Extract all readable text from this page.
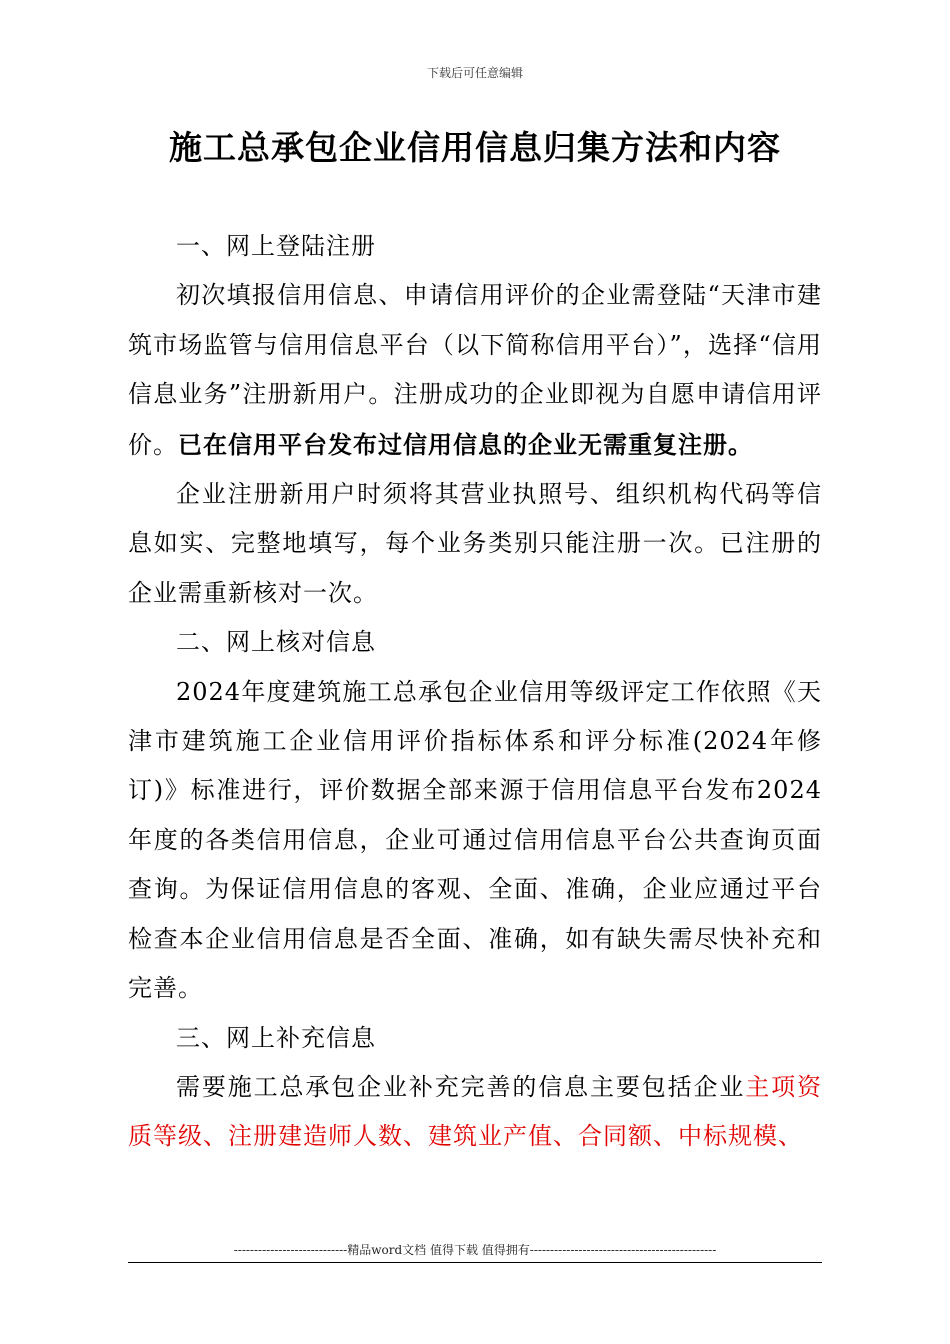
下载后可任意编辑
施工总承包企业信用信息归集方法和内容

一、网上登陆注册

初次填报信用信息、申请信用评价的企业需登陆“天津市建筑市场监管与信用信息平台（以下简称信用平台）”，选择“信用信息业务”注册新用户。注册成功的企业即视为自愿申请信用评价。已在信用平台发布过信用信息的企业无需重复注册。

企业注册新用户时须将其营业执照号、组织机构代码等信息如实、完整地填写，每个业务类别只能注册一次。已注册的企业需重新核对一次。

二、网上核对信息

2024年度建筑施工总承包企业信用等级评定工作依照《天津市建筑施工企业信用评价指标体系和评分标准(2024年修订)》标准进行，评价数据全部来源于信用信息平台发布2024年度的各类信用信息，企业可通过信用信息平台公共查询页面查询。为保证信用信息的客观、全面、准确，企业应通过平台检查本企业信用信息是否全面、准确，如有缺失需尽快补充和完善。

三、网上补充信息

需要施工总承包企业补充完善的信息主要包括企业主项资质等级、注册建造师人数、建筑业产值、合同额、中标规模、

----------------------------精品word文档 值得下载 值得拥有----------------------------------------------
